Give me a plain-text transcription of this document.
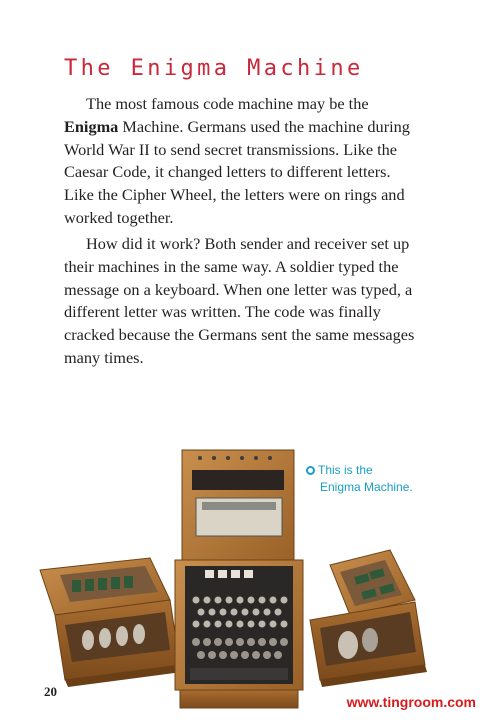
The Enigma Machine

The most famous code machine may be the Enigma Machine. Germans used the machine during World War II to send secret transmissions. Like the Caesar Code, it changed letters to different letters. Like the Cipher Wheel, the letters were on rings and worked together.

How did it work? Both sender and receiver set up their machines in the same way. A soldier typed the message on a keyboard. When one letter was typed, a different letter was written. The code was finally cracked because the Germans sent the same messages many times.

This is the
Enigma Machine.
20
www.tingroom.com
